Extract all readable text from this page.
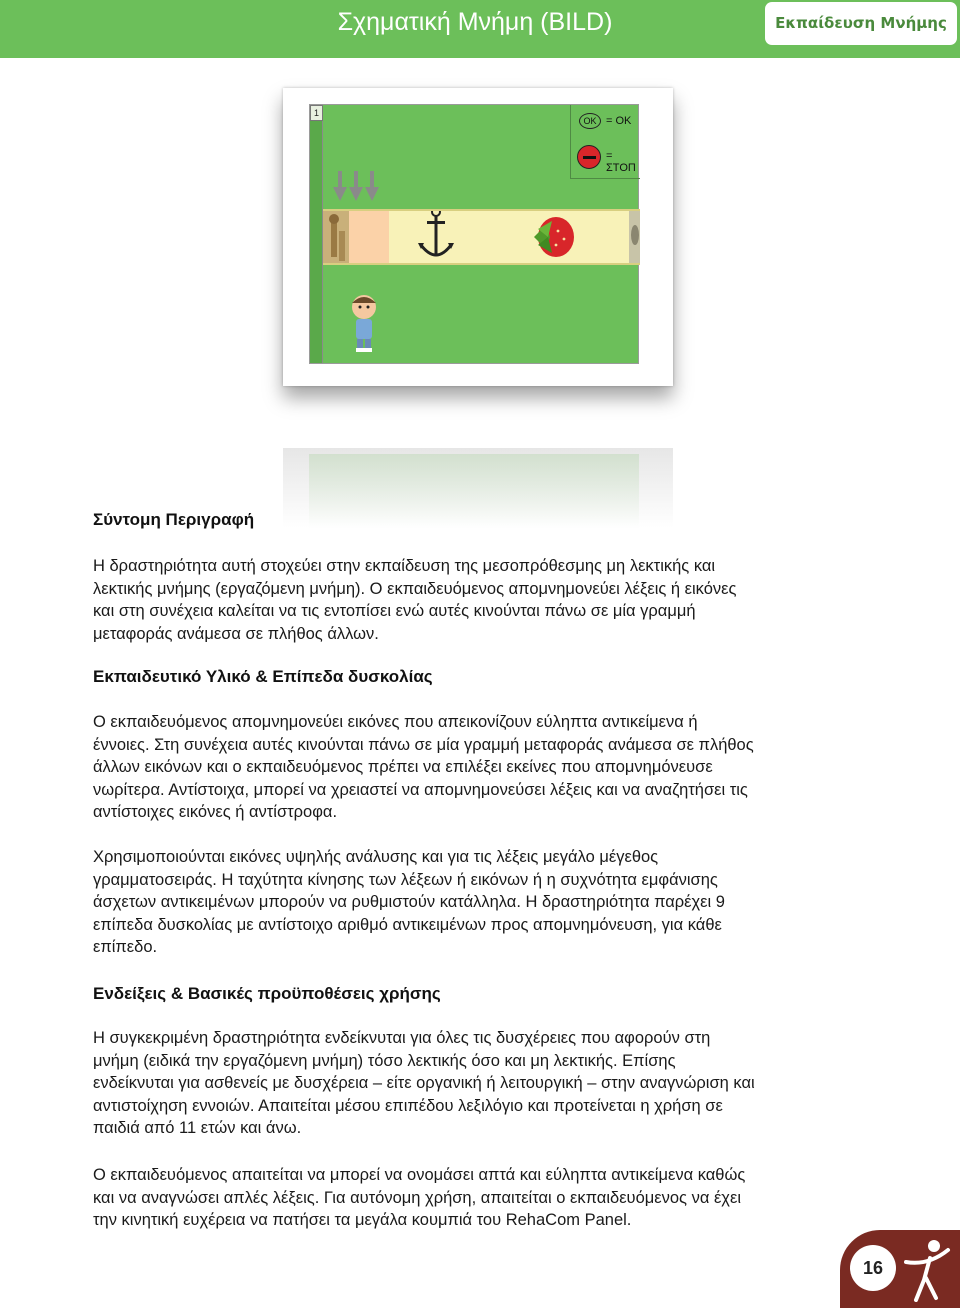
Σχηματική Μνήμη (BILD)	Εκπαίδευση Μνήμης
1
OK = OK
= ΣΤΟΠ
Σύντομη Περιγραφή
Η δραστηριότητα αυτή στοχεύει στην εκπαίδευση της μεσοπρόθεσμης μη λεκτικής και
λεκτικής μνήμης (εργαζόμενη μνήμη). Ο εκπαιδευόμενος απομνημονεύει λέξεις ή εικόνες
και στη συνέχεια καλείται να τις εντοπίσει ενώ αυτές κινούνται πάνω σε μία γραμμή
μεταφοράς ανάμεσα σε πλήθος άλλων.
Εκπαιδευτικό Υλικό & Επίπεδα δυσκολίας
Ο εκπαιδευόμενος απομνημονεύει εικόνες που απεικονίζουν εύληπτα αντικείμενα ή
έννοιες. Στη συνέχεια αυτές κινούνται πάνω σε μία γραμμή μεταφοράς ανάμεσα σε πλήθος
άλλων εικόνων και ο εκπαιδευόμενος πρέπει να επιλέξει εκείνες που απομνημόνευσε
νωρίτερα. Αντίστοιχα, μπορεί να χρειαστεί να απομνημονεύσει λέξεις και να αναζητήσει τις
αντίστοιχες εικόνες ή αντίστροφα.
Χρησιμοποιούνται εικόνες υψηλής ανάλυσης και για τις λέξεις μεγάλο μέγεθος
γραμματοσειράς. Η ταχύτητα κίνησης των λέξεων ή εικόνων ή η συχνότητα εμφάνισης
άσχετων αντικειμένων μπορούν να ρυθμιστούν κατάλληλα. Η δραστηριότητα παρέχει 9
επίπεδα δυσκολίας με αντίστοιχο αριθμό αντικειμένων προς απομνημόνευση, για κάθε
επίπεδο.
Ενδείξεις & Βασικές προϋποθέσεις χρήσης
Η συγκεκριμένη δραστηριότητα ενδείκνυται για όλες τις δυσχέρειες που αφορούν στη
μνήμη (ειδικά την εργαζόμενη μνήμη) τόσο λεκτικής όσο και μη λεκτικής. Επίσης
ενδείκνυται για ασθενείς με δυσχέρεια – είτε οργανική ή λειτουργική – στην αναγνώριση και
αντιστοίχηση εννοιών. Απαιτείται μέσου επιπέδου λεξιλόγιο και προτείνεται η χρήση σε
παιδιά από 11 ετών και άνω.
Ο εκπαιδευόμενος απαιτείται να μπορεί να ονομάσει απτά και εύληπτα αντικείμενα καθώς
και να αναγνώσει απλές λέξεις. Για αυτόνομη χρήση, απαιτείται ο εκπαιδευόμενος να έχει
την κινητική ευχέρεια να πατήσει τα μεγάλα κουμπιά του RehaCom Panel.
16
